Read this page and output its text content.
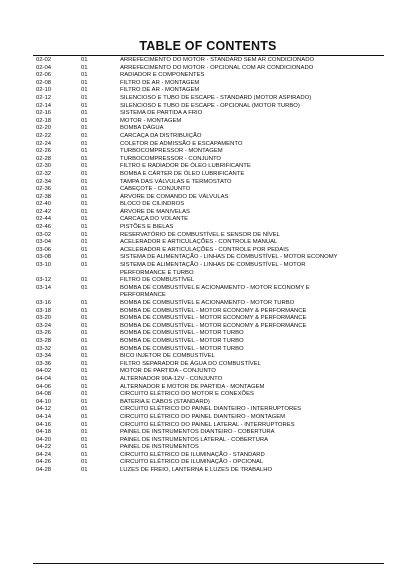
TABLE OF CONTENTS
02-02	01	ARREFECIMENTO DO MOTOR - STANDARD SEM AR CONDICIONADO
02-04	01	ARREFECIMENTO DO MOTOR - OPCIONAL COM AR CONDICIONADO
02-06	01	RADIADOR E COMPONENTES
02-08	01	FILTRO DE AR - MONTAGEM
02-10	01	FILTRO DE AR - MONTAGEM
02-12	01	SILENCIOSO E TUBO DE ESCAPE - STANDARD (MOTOR ASPIRADO)
02-14	01	SILENCIOSO E TUBO DE ESCAPE - OPCIONAL (MOTOR TURBO)
02-16	01	SISTEMA DE PARTIDA A FRIO
02-18	01	MOTOR - MONTAGEM
02-20	01	BOMBA DÁGUA
02-22	01	CARCAÇA DA DISTRIBUIÇÃO
02-24	01	COLETOR DE ADMISSÃO E ESCAPAMENTO
02-26	01	TURBOCOMPRESSOR - MONTAGEM
02-28	01	TURBOCOMPRESSOR - CONJUNTO
02-30	01	FILTRO E RADIADOR DE ÓLEO LUBRIFICANTE
02-32	01	BOMBA E CÁRTER DE ÓLEO LUBRIFICANTE
02-34	01	TAMPA DAS VÁLVULAS E TERMOSTATO
02-36	01	CABEÇOTE - CONJUNTO
02-38	01	ÁRVORE DE COMANDO DE VÁLVULAS
02-40	01	BLOCO DE CILINDROS
02-42	01	ÁRVORE DE MANIVELAS
02-44	01	CARCAÇA DO VOLANTE
02-46	01	PISTÕES E BIELAS
03-02	01	RESERVATÓRIO DE COMBUSTÍVEL E SENSOR DE NÍVEL
03-04	01	ACELERADOR E ARTICULAÇÕES - CONTROLE MANUAL
03-06	01	ACELERADOR E ARTICULAÇÕES - CONTROLE POR PEDAIS
03-08	01	SISTEMA DE ALIMENTAÇÃO - LINHAS DE COMBUSTÍVEL - MOTOR ECONOMY
03-10	01	SISTEMA DE ALIMENTAÇÃO - LINHAS DE COMBUSTÍVEL - MOTOR
PERFORMANCE E TURBO
03-12	01	FILTRO DE COMBUSTÍVEL
03-14	01	BOMBA DE COMBUSTÍVEL E ACIONAMENTO - MOTOR ECONOMY E
PERFORMANCE
03-16	01	BOMBA DE COMBUSTÍVEL E ACIONAMENTO - MOTOR TURBO
03-18	01	BOMBA DE COMBUSTÍVEL - MOTOR ECONOMY & PERFORMANCE
03-20	01	BOMBA DE COMBUSTÍVEL - MOTOR ECONOMY & PERFORMANCE
03-24	01	BOMBA DE COMBUSTÍVEL - MOTOR ECONOMY & PERFORMANCE
03-26	01	BOMBA DE COMBUSTÍVEL - MOTOR TURBO
03-28	01	BOMBA DE COMBUSTÍVEL - MOTOR TURBO
03-32	01	BOMBA DE COMBUSTÍVEL - MOTOR TURBO
03-34	01	BICO INJETOR DE COMBUSTÍVEL
03-36	01	FILTRO SEPARADOR DE ÁGUA DO COMBUSTÍVEL
04-02	01	MOTOR DE PARTIDA - CONJUNTO
04-04	01	ALTERNADOR 90A-12V - CONJUNTO
04-06	01	ALTERNADOR E MOTOR DE PARTIDA - MONTAGEM
04-08	01	CIRCUITO ELÉTRICO DO MOTOR E CONEXÕES
04-10	01	BATERIA E CABOS (STANDARD)
04-12	01	CIRCUITO ELÉTRICO DO PAINEL DIANTEIRO - INTERRUPTORES
04-14	01	CIRCUITO ELÉTRICO DO PAINEL DIANTEIRO - MONTAGEM
04-16	01	CIRCUITO ELÉTRICO DO PAINEL LATERAL - INTERRUPTORES
04-18	01	PAINEL DE INSTRUMENTOS DIANTEIRO - COBERTURA
04-20	01	PAINEL DE INSTRUMENTOS LATERAL - COBERTURA
04-22	01	PAINEL DE INSTRUMENTOS
04-24	01	CIRCUITO ELÉTRICO DE ILUMINAÇÃO - STANDARD
04-26	01	CIRCUITO ELÉTRICO DE ILUMINAÇÃO - OPCIONAL
04-28	01	LUZES DE FREIO, LANTERNA E LUZES DE TRABALHO
